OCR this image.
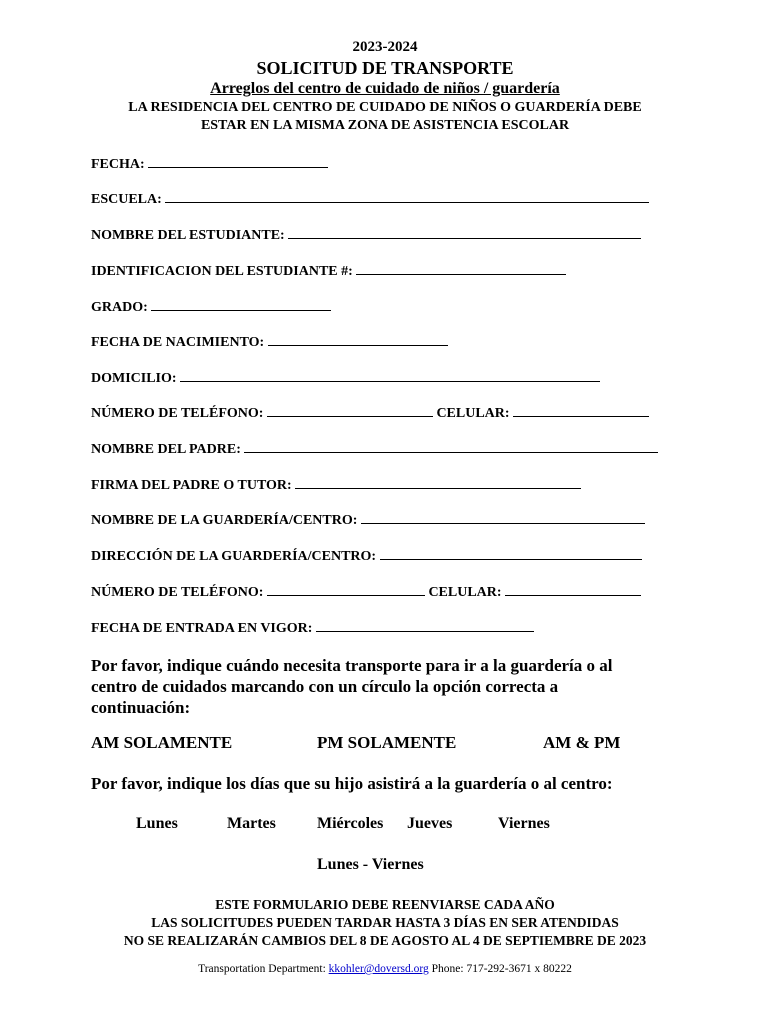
2023-2024
SOLICITUD DE TRANSPORTE
Arreglos del centro de cuidado de niños / guardería
LA RESIDENCIA DEL CENTRO DE CUIDADO DE NIÑOS O GUARDERÍA DEBE
ESTAR EN LA MISMA ZONA DE ASISTENCIA ESCOLAR
FECHA:
ESCUELA:
NOMBRE DEL ESTUDIANTE:
IDENTIFICACION DEL ESTUDIANTE #:
GRADO:
FECHA DE NACIMIENTO:
DOMICILIO:
NÚMERO DE TELÉFONO:	CELULAR:
NOMBRE DEL PADRE:
FIRMA DEL PADRE O TUTOR:
NOMBRE DE LA GUARDERÍA/CENTRO:
DIRECCIÓN DE LA GUARDERÍA/CENTRO:
NÚMERO DE TELÉFONO:	CELULAR:
FECHA DE ENTRADA EN VIGOR:
Por favor, indique cuándo necesita transporte para ir a la guardería o al
centro de cuidados marcando con un círculo la opción correcta a
continuación:
AM SOLAMENTE	PM SOLAMENTE	AM & PM
Por favor, indique los días que su hijo asistirá a la guardería o al centro:
Lunes	Martes	Miércoles Jueves	Viernes
Lunes - Viernes
ESTE FORMULARIO DEBE REENVIARSE CADA AÑO
LAS SOLICITUDES PUEDEN TARDAR HASTA 3 DÍAS EN SER ATENDIDAS
NO SE REALIZARÁN CAMBIOS DEL 8 DE AGOSTO AL 4 DE SEPTIEMBRE DE 2023
Transportation Department: kkohler@doversd.org Phone: 717-292-3671 x 80222
